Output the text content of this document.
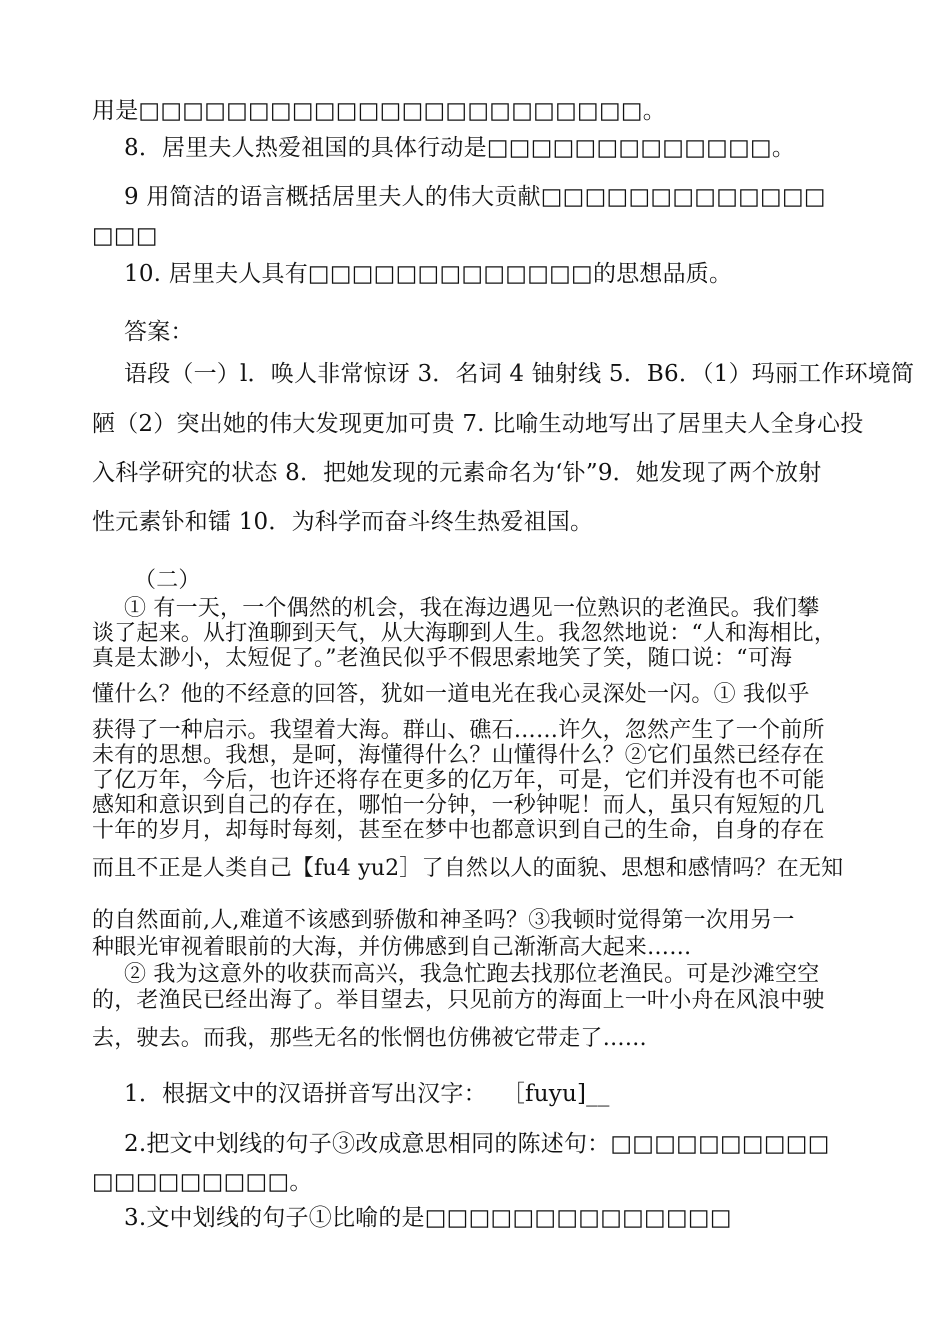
用是□□□□□□□□□□□□□□□□□□□□□□□。
8．居里夫人热爱祖国的具体行动是□□□□□□□□□□□□□。
9 用简洁的语言概括居里夫人的伟大贡献□□□□□□□□□□□□□
□□□
10. 居里夫人具有□□□□□□□□□□□□□的思想品质。
答案：
语段（一）l．唤人非常惊讶 3．名词 4 铀射线 5．B6．（1）玛丽工作环境简
陋（2）突出她的伟大发现更加可贵 7. 比喻生动地写出了居里夫人全身心投
入科学研究的状态 8．把她发现的元素命名为‘钋”9．她发现了两个放射
性元素钋和镭 10．为科学而奋斗终生热爱祖国。
（二）
① 有一天，一个偶然的机会，我在海边遇见一位熟识的老渔民。我们攀
谈了起来。从打渔聊到天气，从大海聊到人生。我忽然地说：“人和海相比，
真是太渺小，太短促了。”老渔民似乎不假思索地笑了笑，随口说：“可海
懂什么？他的不经意的回答，犹如一道电光在我心灵深处一闪。① 我似乎
获得了一种启示。我望着大海。群山、礁石……许久，忽然产生了一个前所
未有的思想。我想，是呵，海懂得什么？山懂得什么？②它们虽然已经存在
了亿万年，今后，也许还将存在更多的亿万年，可是，它们并没有也不可能
感知和意识到自己的存在，哪怕一分钟，一秒钟呢！而人，虽只有短短的几
十年的岁月，却每时每刻，甚至在梦中也都意识到自己的生命，自身的存在
而且不正是人类自己【fu4 yu2］了自然以人的面貌、思想和感情吗？在无知
的自然面前,人,难道不该感到骄傲和神圣吗？③我顿时觉得第一次用另一
种眼光审视着眼前的大海，并仿佛感到自己渐渐高大起来……
② 我为这意外的收获而高兴，我急忙跑去找那位老渔民。可是沙滩空空
的，老渔民已经出海了。举目望去，只见前方的海面上一叶小舟在风浪中驶
去，驶去。而我，那些无名的怅惘也仿佛被它带走了……
1．根据文中的汉语拼音写出汉字：  ［fuyu]__
2.把文中划线的句子③改成意思相同的陈述句：□□□□□□□□□□
□□□□□□□□□。
3.文中划线的句子①比喻的是□□□□□□□□□□□□□□
